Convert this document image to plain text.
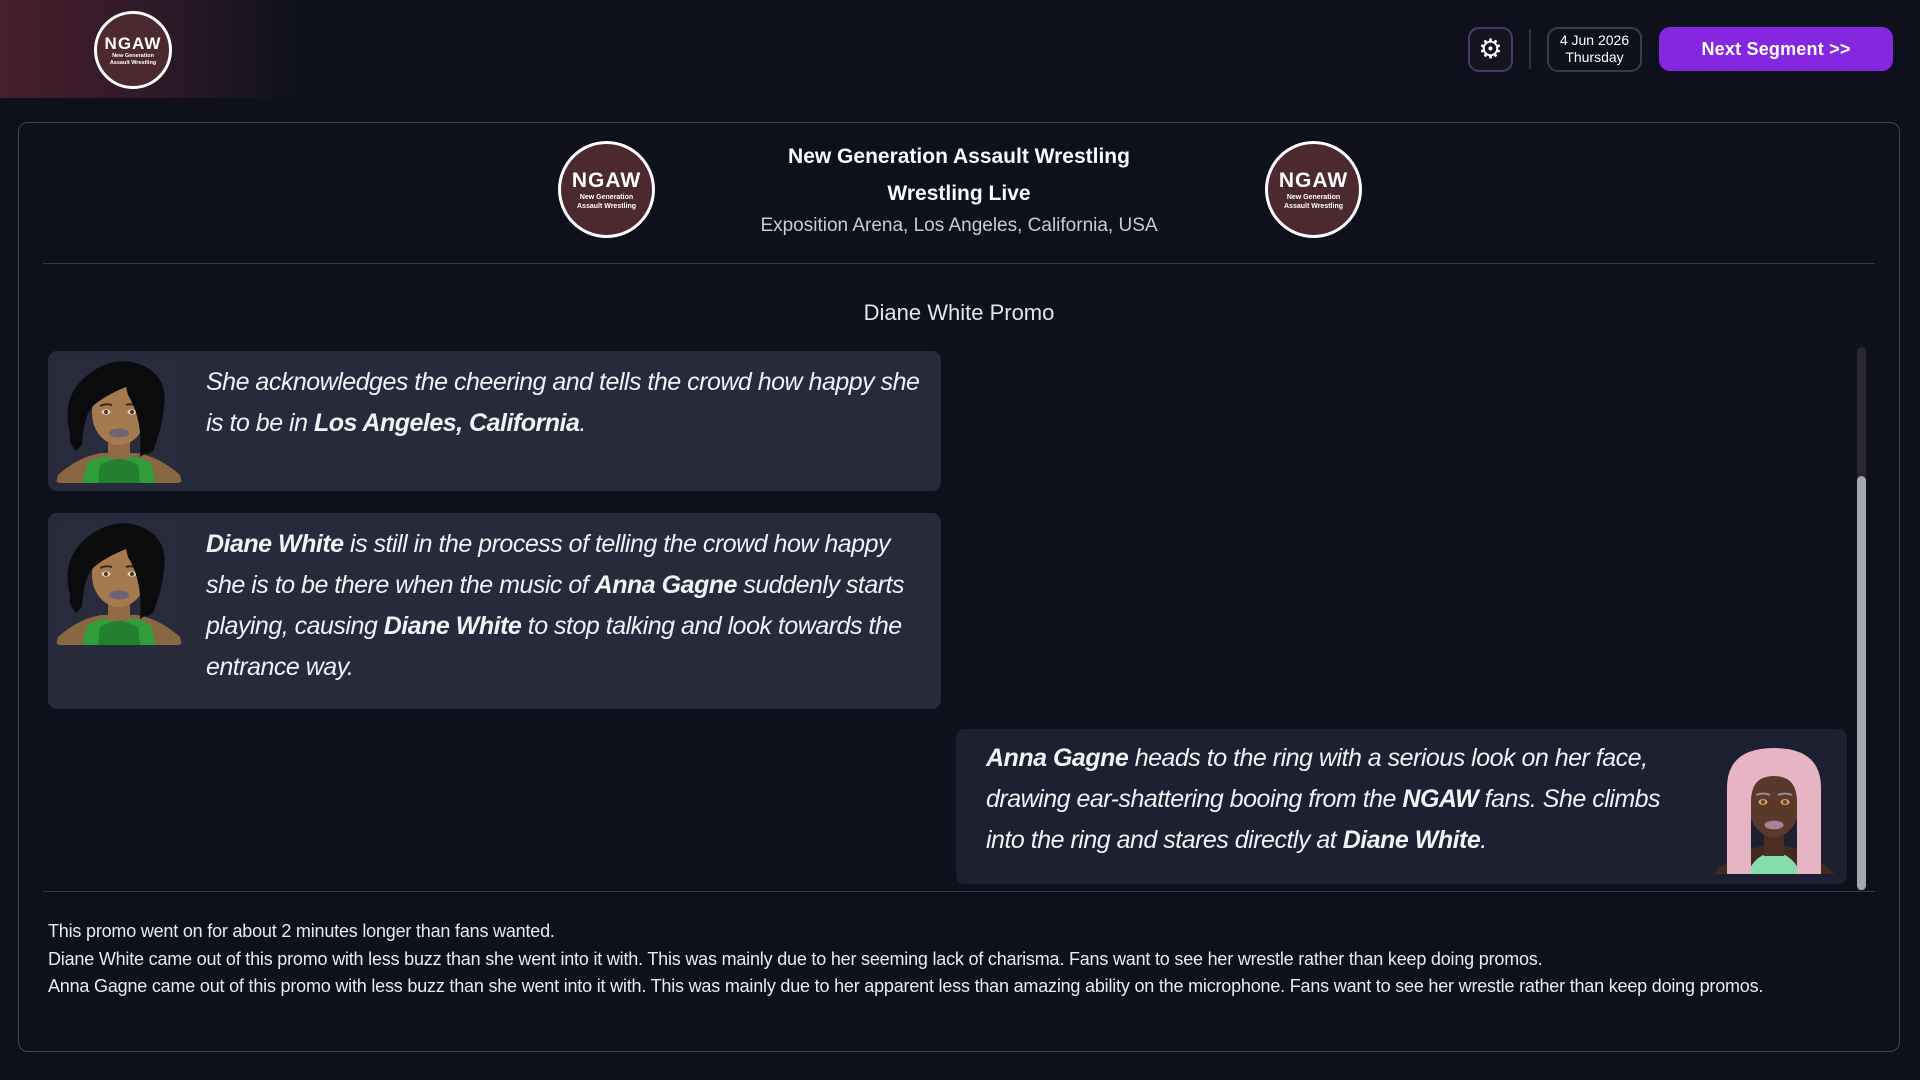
NGAW
New Generation
Assault Wrestling	⚙	4 Jun 2026
Thursday	Next Segment >>
NGAW
New Generation
Assault Wrestling
New Generation Assault Wrestling
Wrestling Live
Exposition Arena, Los Angeles, California, USA
NGAW
New Generation
Assault Wrestling
Diane White Promo
She acknowledges the cheering and tells the crowd how happy she is to be in Los Angeles, California.
Diane White is still in the process of telling the crowd how happy she is to be there when the music of Anna Gagne suddenly starts playing, causing Diane White to stop talking and look towards the entrance way.
Anna Gagne heads to the ring with a serious look on her face, drawing ear-shattering booing from the NGAW fans. She climbs into the ring and stares directly at Diane White.
This promo went on for about 2 minutes longer than fans wanted.
Diane White came out of this promo with less buzz than she went into it with. This was mainly due to her seeming lack of charisma. Fans want to see her wrestle rather than keep doing promos.
Anna Gagne came out of this promo with less buzz than she went into it with. This was mainly due to her apparent less than amazing ability on the microphone. Fans want to see her wrestle rather than keep doing promos.
